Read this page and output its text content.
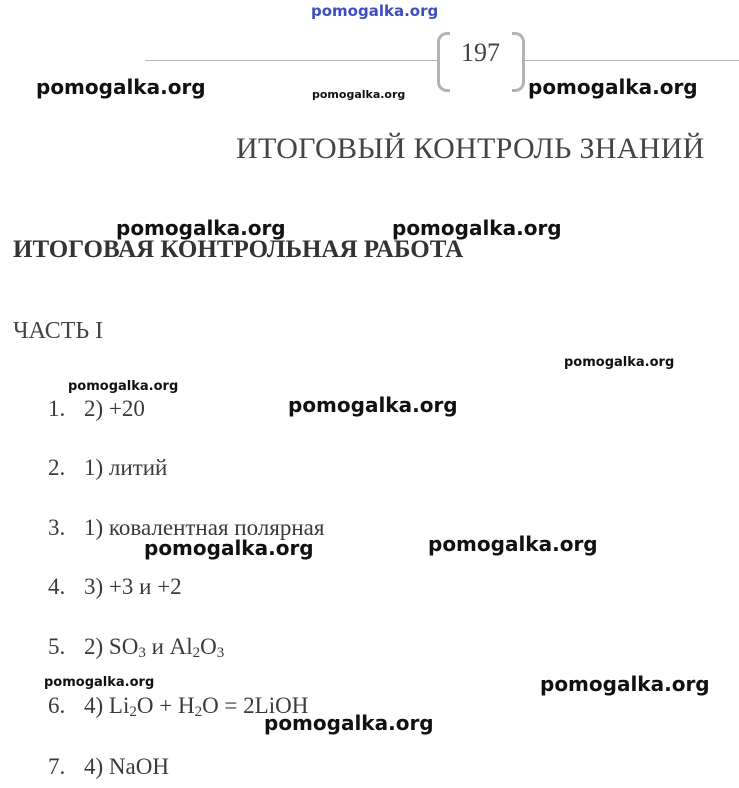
pomogalka.org
197
pomogalka.org	pomogalka.org	pomogalka.org
ИТОГОВЫЙ КОНТРОЛЬ ЗНАНИЙ
pomogalka.org	pomogalka.org
ИТОГОВАЯ КОНТРОЛЬНАЯ РАБОТА
ЧАСТЬ I
pomogalka.org
pomogalka.org
pomogalka.org
1. 2) +20
2. 1) литий
3. 1) ковалентная полярная
pomogalka.org	pomogalka.org
4. 3) +3 и +2
5. 2) $SO_3$ и $Al_2O_3$
pomogalka.org	pomogalka.org
6. 4) $Li_2O + H_2O$ = 2LiOH
pomogalka.org
7. 4) NaOH
